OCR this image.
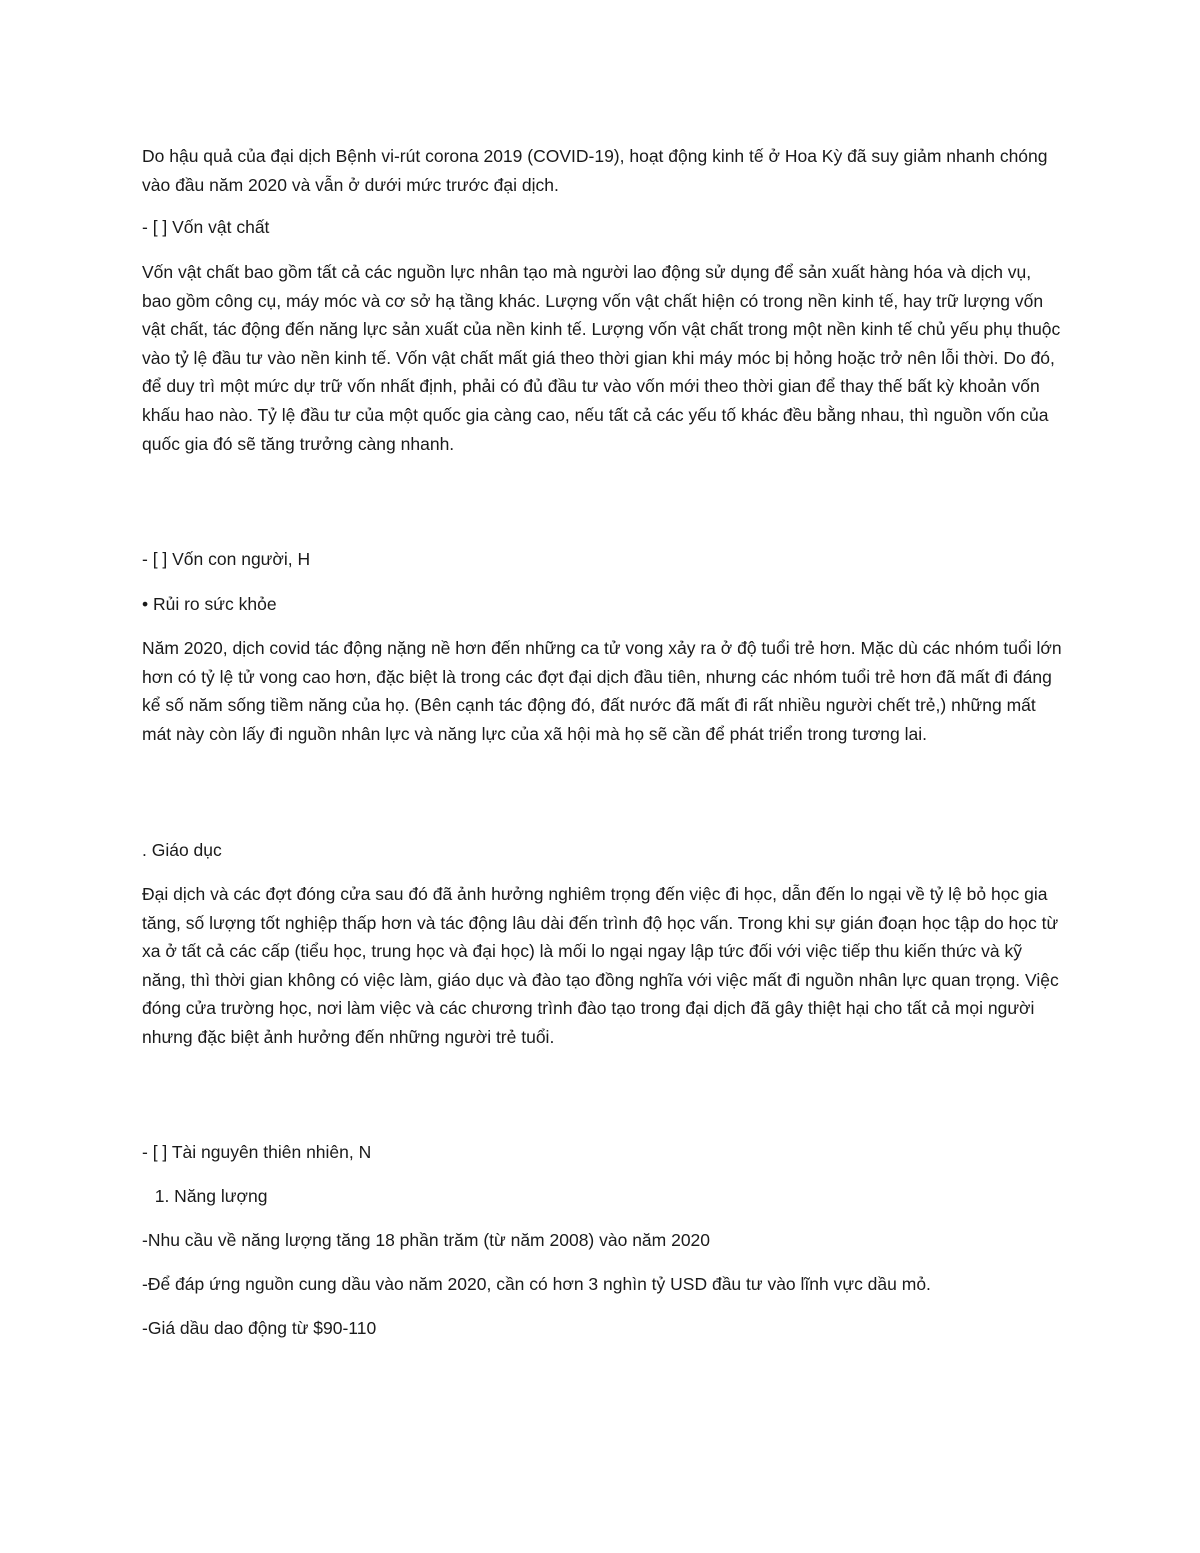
Do hậu quả của đại dịch Bệnh vi-rút corona 2019 (COVID-19), hoạt động kinh tế ở Hoa Kỳ đã suy giảm nhanh chóng vào đầu năm 2020 và vẫn ở dưới mức trước đại dịch.

- [ ] Vốn vật chất

Vốn vật chất bao gồm tất cả các nguồn lực nhân tạo mà người lao động sử dụng để sản xuất hàng hóa và dịch vụ, bao gồm công cụ, máy móc và cơ sở hạ tầng khác. Lượng vốn vật chất hiện có trong nền kinh tế, hay trữ lượng vốn vật chất, tác động đến năng lực sản xuất của nền kinh tế. Lượng vốn vật chất trong một nền kinh tế chủ yếu phụ thuộc vào tỷ lệ đầu tư vào nền kinh tế. Vốn vật chất mất giá theo thời gian khi máy móc bị hỏng hoặc trở nên lỗi thời. Do đó, để duy trì một mức dự trữ vốn nhất định, phải có đủ đầu tư vào vốn mới theo thời gian để thay thế bất kỳ khoản vốn khấu hao nào. Tỷ lệ đầu tư của một quốc gia càng cao, nếu tất cả các yếu tố khác đều bằng nhau, thì nguồn vốn của quốc gia đó sẽ tăng trưởng càng nhanh.

- [ ] Vốn con người, H

• Rủi ro sức khỏe

Năm 2020, dịch covid tác động nặng nề hơn đến những ca tử vong xảy ra ở độ tuổi trẻ hơn. Mặc dù các nhóm tuổi lớn hơn có tỷ lệ tử vong cao hơn, đặc biệt là trong các đợt đại dịch đầu tiên, nhưng các nhóm tuổi trẻ hơn đã mất đi đáng kể số năm sống tiềm năng của họ. (Bên cạnh tác động đó, đất nước đã mất đi rất nhiều người chết trẻ,) những mất mát này còn lấy đi nguồn nhân lực và năng lực của xã hội mà họ sẽ cần để phát triển trong tương lai.

. Giáo dục

Đại dịch và các đợt đóng cửa sau đó đã ảnh hưởng nghiêm trọng đến việc đi học, dẫn đến lo ngại về tỷ lệ bỏ học gia tăng, số lượng tốt nghiệp thấp hơn và tác động lâu dài đến trình độ học vấn. Trong khi sự gián đoạn học tập do học từ xa ở tất cả các cấp (tiểu học, trung học và đại học) là mối lo ngại ngay lập tức đối với việc tiếp thu kiến thức và kỹ năng, thì thời gian không có việc làm, giáo dục và đào tạo đồng nghĩa với việc mất đi nguồn nhân lực quan trọng. Việc đóng cửa trường học, nơi làm việc và các chương trình đào tạo trong đại dịch đã gây thiệt hại cho tất cả mọi người nhưng đặc biệt ảnh hưởng đến những người trẻ tuổi.

- [ ] Tài nguyên thiên nhiên, N

1. Năng lượng

-Nhu cầu về năng lượng tăng 18 phần trăm (từ năm 2008) vào năm 2020

-Để đáp ứng nguồn cung dầu vào năm 2020, cần có hơn 3 nghìn tỷ USD đầu tư vào lĩnh vực dầu mỏ.

-Giá dầu dao động từ $90-110
